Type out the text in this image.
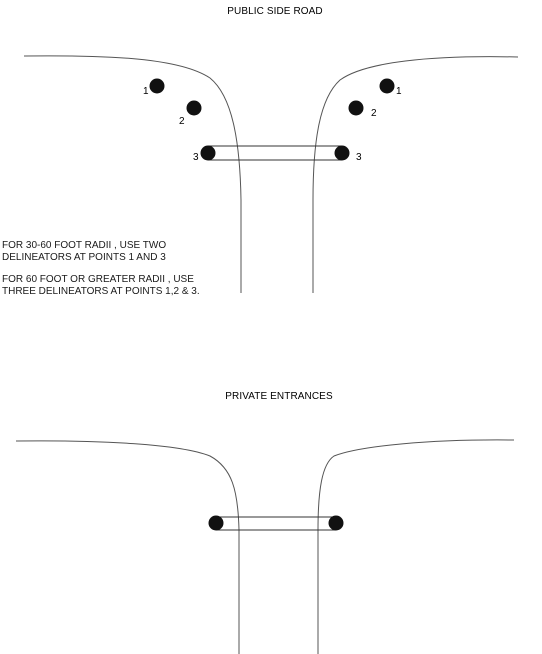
PUBLIC SIDE ROAD
1
2
3
1
2
3
PRIVATE ENTRANCES

FOR 30-60 FOOT RADII , USE TWO
DELINEATORS AT POINTS 1 AND 3

FOR 60 FOOT OR GREATER RADII , USE
THREE DELINEATORS AT POINTS 1,2 & 3.
